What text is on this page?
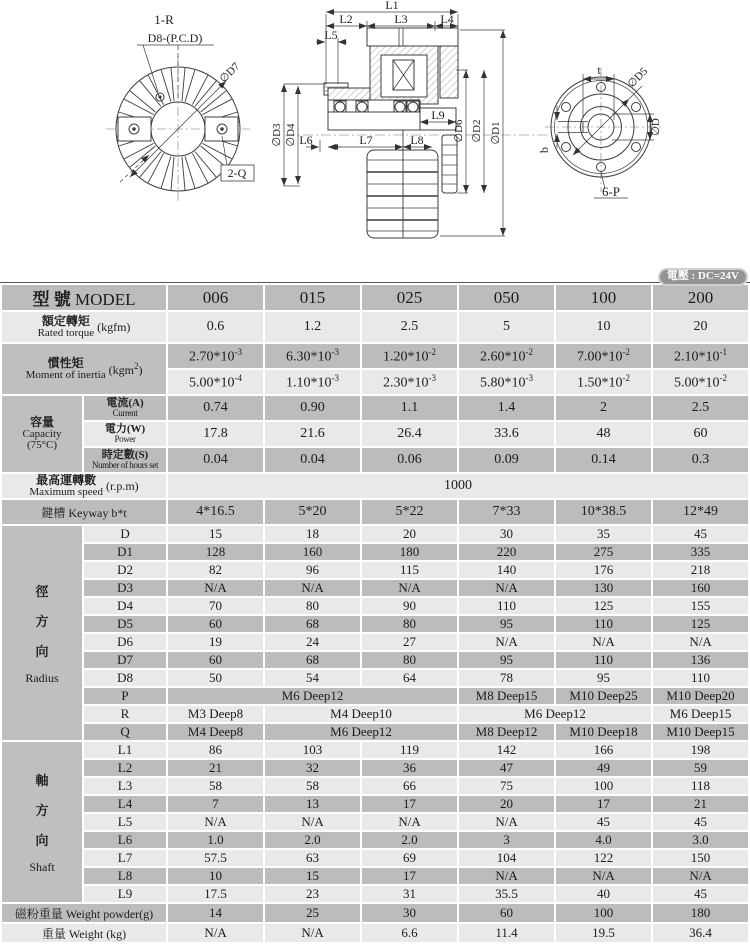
1-R
D8-(P.C.D)
∅D7
2-Q
L1
L2	L3	L4
L5
L6	L7	L8
L9
∅D3 ∅D4	∅D6 ∅D2 ∅D1
t ∅D5
∅D
b
6-P
電壓 : DC=24V
型 號 MODEL		006	015	025	050	100	200

額定轉矩
Rated torque (kgfm)		0.6	1.2	2.5	5	10	20

慣性矩
Moment of inertia (kgm$^2$)		$2.70*10^{-3}$	$6.30*10^{-3}$	$1.20*10^{-2}$	$2.60*10^{-2}$	$7.00*10^{-2}$	$2.10*10^{-1}$
		$5.00*10^{-4}$	$1.10*10^{-3}$	$2.30*10^{-3}$	$5.80*10^{-3}$	$1.50*10^{-2}$	$5.00*10^{-2}$

容量
Capacity
(75°C)	電流(A)
Current	0.74	0.90	1.1	1.4	2	2.5

	電力(W)
Power	17.8	21.6	26.4	33.6	48	60

	時定數(S)
Number of hours set	0.04	0.04	0.06	0.09	0.14	0.3

最高運轉數
Maximum speed (r.p.m)		1000					
鍵槽 Keyway b*t		4*16.5	5*20	5*22	7*33	10*38.5	12*49

徑
方
向
Radius	D	15	18	20	30	35	45
	D1	128	160	180	220	275	335
	D2	82	96	115	140	176	218
	D3	N/A	N/A	N/A	N/A	130	160
	D4	70	80	90	110	125	155
	D5	60	68	80	95	110	125
	D6	19	24	27	N/A	N/A	N/A
	D7	60	68	80	95	110	136
	D8	50	54	64	78	95	110
	P	M6 Deep12			M8 Deep15	M10 Deep25	M10 Deep20
	R	M3 Deep8	M4 Deep10		M6 Deep12		M6 Deep15
	Q	M4 Deep8	M6 Deep12		M8 Deep12	M10 Deep18	M10 Deep15

軸
方
向
Shaft	L1	86	103	119	142	166	198
	L2	21	32	36	47	49	59
	L3	58	58	66	75	100	118
	L4	7	13	17	20	17	21
	L5	N/A	N/A	N/A	N/A	45	45
	L6	1.0	2.0	2.0	3	4.0	3.0
	L7	57.5	63	69	104	122	150
	L8	10	15	17	N/A	N/A	N/A
	L9	17.5	23	31	35.5	40	45
磁粉重量 Weight powder(g)		14	25	30	60	100	180
重量 Weight (kg)		N/A	N/A	6.6	11.4	19.5	36.4
